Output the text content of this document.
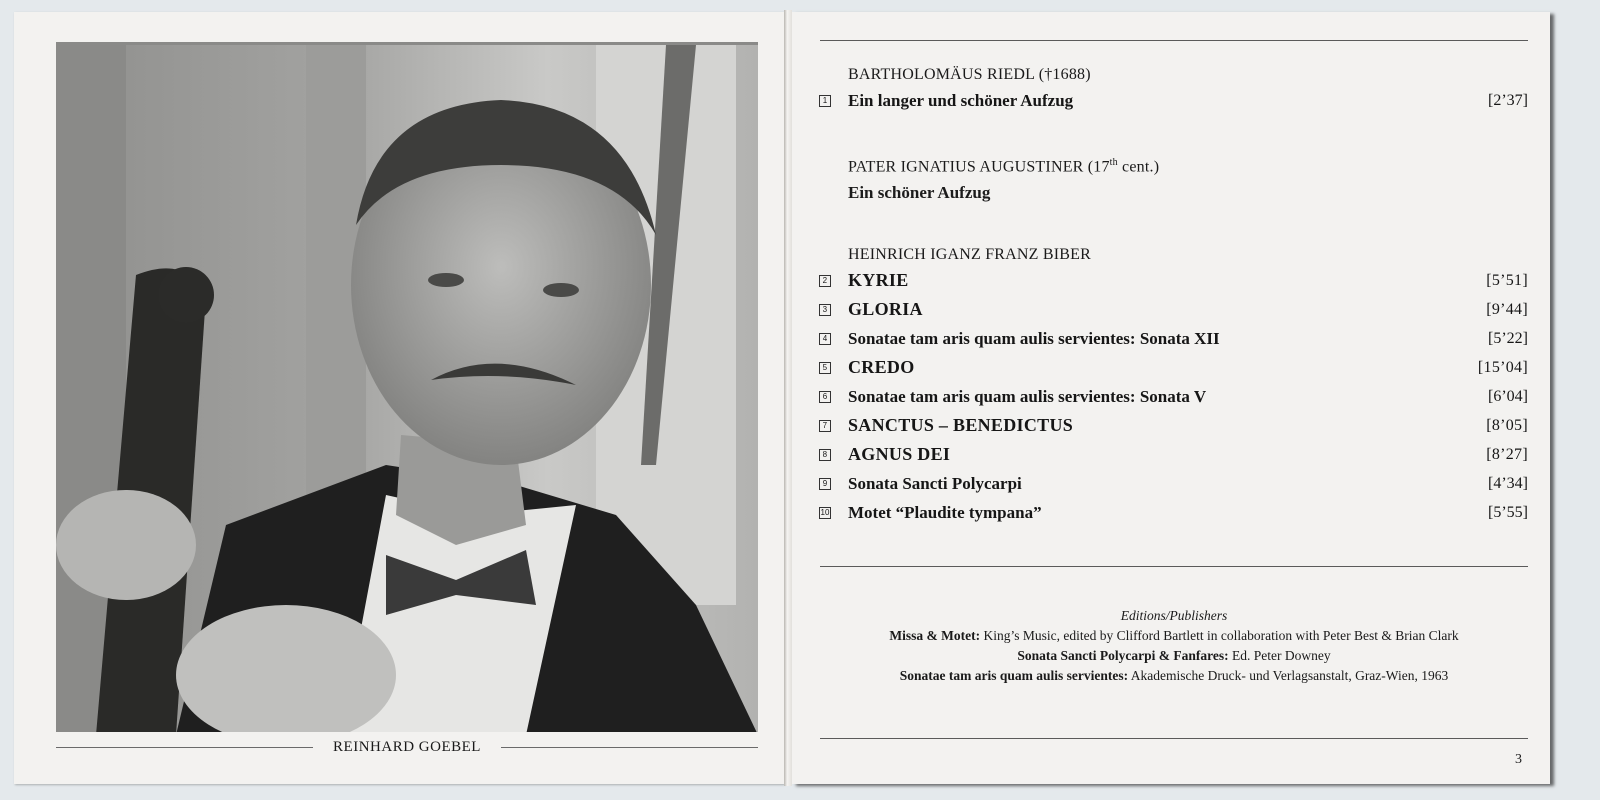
REINHARD GOEBEL

BARTHOLOMÄUS RIEDL (†1688)

1 Ein langer und schöner Aufzug	[2’37]

PATER IGNATIUS AUGUSTINER (17th cent.)

Ein schöner Aufzug

HEINRICH IGANZ FRANZ BIBER

2 KYRIE	[5’51]
3 GLORIA	[9’44]
4 Sonatae tam aris quam aulis servientes: Sonata XII	[5’22]
5 CREDO	[15’04]
6 Sonatae tam aris quam aulis servientes: Sonata V	[6’04]
7 SANCTUS – BENEDICTUS	[8’05]
8 AGNUS DEI	[8’27]
9 Sonata Sancti Polycarpi	[4’34]
10 Motet “Plaudite tympana”	[5’55]
Editions/Publishers
Missa & Motet: King’s Music, edited by Clifford Bartlett in collaboration with Peter Best & Brian Clark
Sonata Sancti Polycarpi & Fanfares: Ed. Peter Downey
Sonatae tam aris quam aulis servientes: Akademische Druck- und Verlagsanstalt, Graz-Wien, 1963
3
